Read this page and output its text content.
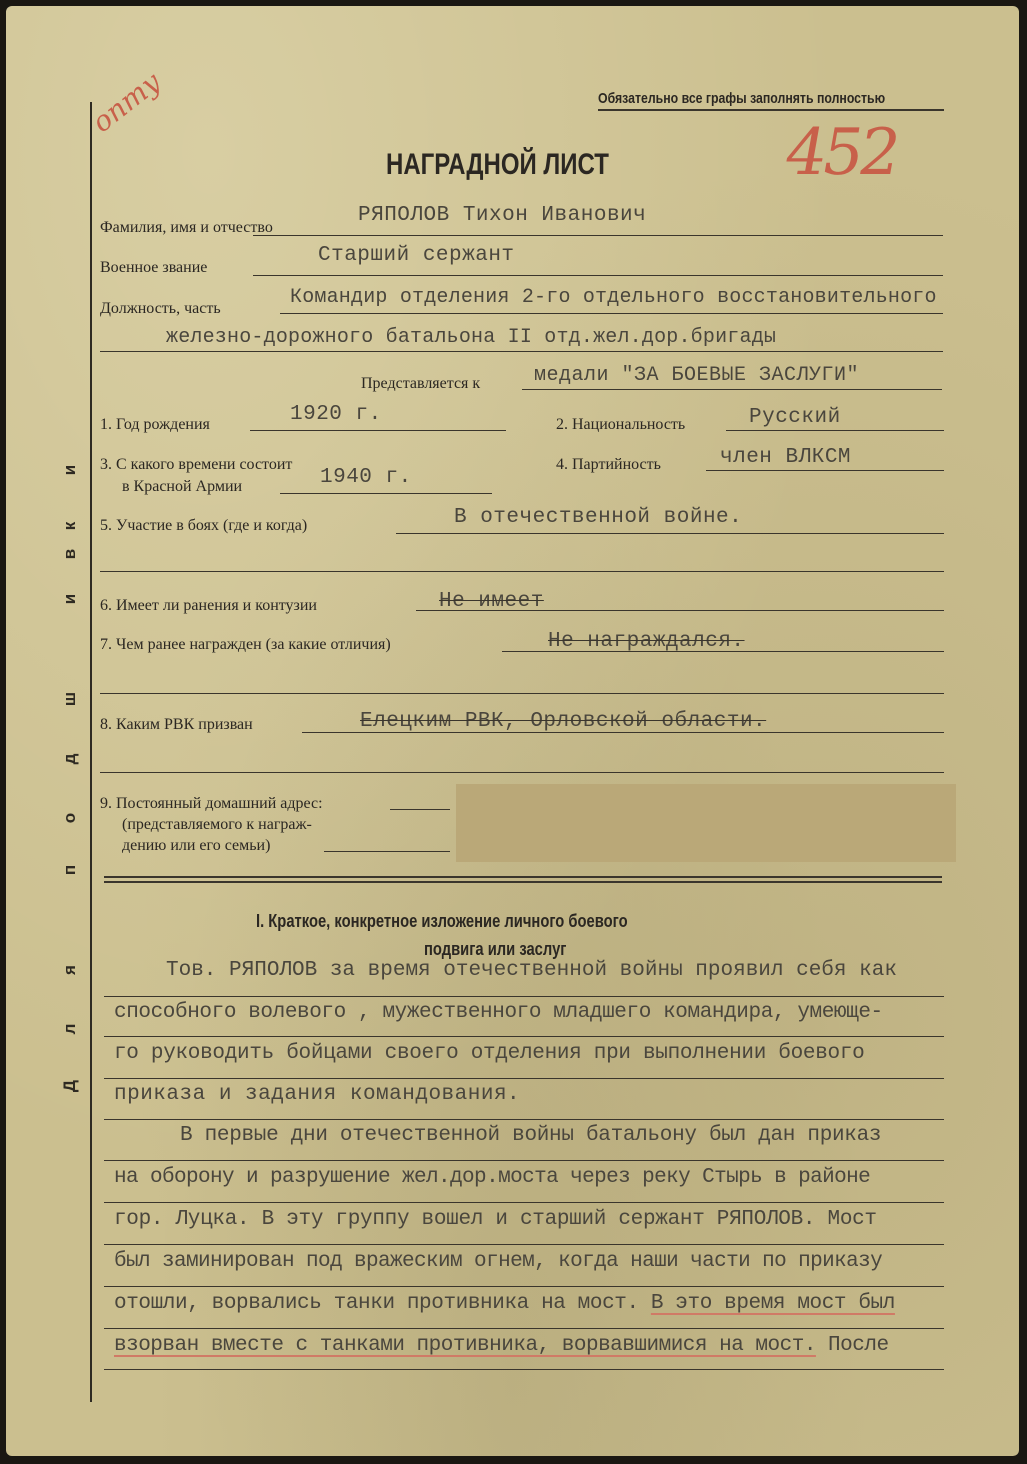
Д
л
я
п
о
д
ш
и
в
к
и
Обязательно все графы заполнять полностью
опту
452
НАГРАДНОЙ ЛИСТ
Фамилия, имя и отчество
РЯПОЛОВ Тихон Иванович
Военное звание
Старший сержант
Должность, часть	Командир отделения 2-го отдельного восстановительного
железно-дорожного батальона II отд.жел.дор.бригады
Представляется к	медали "ЗА БОЕВЫЕ ЗАСЛУГИ"
1. Год рождения	1920 г.	2. Национальность	Русский
3. С какого времени состоит
в Красной Армии	1940 г.
4. Партийность	член ВЛКСМ
5. Участие в боях (где и когда)	В отечественной войне.
6. Имеет ли ранения и контузии	Не имеет
7. Чем ранее награжден (за какие отличия)	Не награждался.
8. Каким РВК призван	Елецким РВК, Орловской области.
9. Постоянный домашний адрес:
(представляемого к награж-
дению или его семьи)
I. Краткое, конкретное изложение личного боевого
подвига или заслуг
Тов. РЯПОЛОВ за время отечественной войны проявил себя как
способного волевого , мужественного младшего командира, умеюще-
го руководить бойцами своего отделения при выполнении боевого
приказа и задания командования.
В первые дни отечественной войны батальону был дан приказ
на оборону и разрушение жел.дор.моста через реку Стырь в районе
гор. Луцка. В эту группу вошел и старший сержант РЯПОЛОВ. Мост
был заминирован под вражеским огнем, когда наши части по приказу
отошли, ворвались танки противника на мост. В это время мост был
взорван вместе с танками противника, ворвавшимися на мост. После
